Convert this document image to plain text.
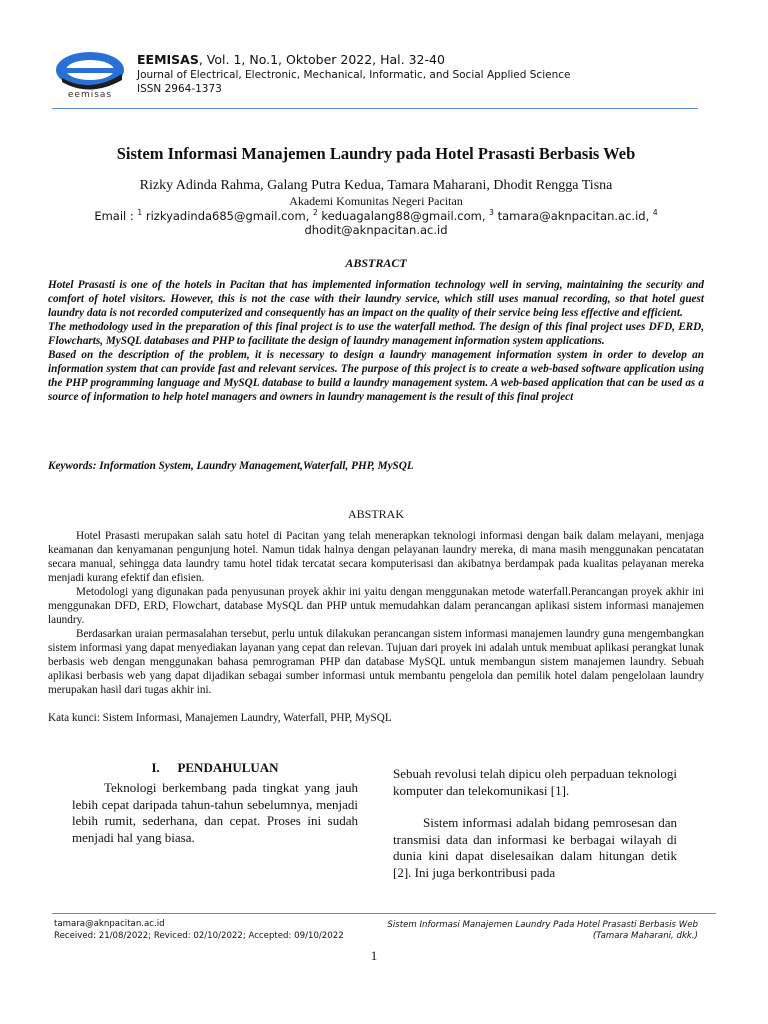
eemisas
EEMISAS, Vol. 1, No.1, Oktober 2022, Hal. 32-40
Journal of Electrical, Electronic, Mechanical, Informatic, and Social Applied Science
ISSN 2964-1373
Sistem Informasi Manajemen Laundry pada Hotel Prasasti Berbasis Web
Rizky Adinda Rahma, Galang Putra Kedua, Tamara Maharani, Dhodit Rengga Tisna
Akademi Komunitas Negeri Pacitan
Email : $^1$ rizkyadinda685@gmail.com, $^2$ keduagalang88@gmail.com, $^3$ tamara@aknpacitan.ac.id, $^4$ dhodit@aknpacitan.ac.id
ABSTRACT

Hotel Prasasti is one of the hotels in Pacitan that has implemented information technology well in serving, maintaining the security and comfort of hotel visitors. However, this is not the case with their laundry service, which still uses manual recording, so that hotel guest laundry data is not recorded computerized and consequently has an impact on the quality of their service being less effective and efficient.

The methodology used in the preparation of this final project is to use the waterfall method. The design of this final project uses DFD, ERD, Flowcharts, MySQL databases and PHP to facilitate the design of laundry management information system applications.

Based on the description of the problem, it is necessary to design a laundry management information system in order to develop an information system that can provide fast and relevant services. The purpose of this project is to create a web-based software application using the PHP programming language and MySQL database to build a laundry management system. A web-based application that can be used as a source of information to help hotel managers and owners in laundry management is the result of this final project

Keywords: Information System, Laundry Management,Waterfall, PHP, MySQL
ABSTRAK

Hotel Prasasti merupakan salah satu hotel di Pacitan yang telah menerapkan teknologi informasi dengan baik dalam melayani, menjaga keamanan dan kenyamanan pengunjung hotel. Namun tidak halnya dengan pelayanan laundry mereka, di mana masih menggunakan pencatatan secara manual, sehingga data laundry tamu hotel tidak tercatat secara komputerisasi dan akibatnya berdampak pada kualitas pelayanan mereka menjadi kurang efektif dan efisien.

Metodologi yang digunakan pada penyusunan proyek akhir ini yaitu dengan menggunakan metode waterfall.Perancangan proyek akhir ini menggunakan DFD, ERD, Flowchart, database MySQL dan PHP untuk memudahkan dalam perancangan aplikasi sistem informasi manajemen laundry.

Berdasarkan uraian permasalahan tersebut, perlu untuk dilakukan perancangan sistem informasi manajemen laundry guna mengembangkan sistem informasi yang dapat menyediakan layanan yang cepat dan relevan. Tujuan dari proyek ini adalah untuk membuat aplikasi perangkat lunak berbasis web dengan menggunakan bahasa pemrograman PHP dan database MySQL untuk membangun sistem manajemen laundry. Sebuah aplikasi berbasis web yang dapat dijadikan sebagai sumber informasi untuk membantu pengelola dan pemilik hotel dalam pengelolaan laundry merupakan hasil dari tugas akhir ini.

Kata kunci: Sistem Informasi, Manajemen Laundry, Waterfall, PHP, MySQL
I. PENDAHULUAN

Teknologi berkembang pada tingkat yang jauh lebih cepat daripada tahun-tahun sebelumnya, menjadi lebih rumit, sederhana, dan cepat. Proses ini sudah menjadi hal yang biasa.

Sebuah revolusi telah dipicu oleh perpaduan teknologi komputer dan telekomunikasi [1].

Sistem informasi adalah bidang pemrosesan dan transmisi data dan informasi ke berbagai wilayah di dunia kini dapat diselesaikan dalam hitungan detik [2]. Ini juga berkontribusi pada

tamara@aknpacitan.ac.id
Received: 21/08/2022; Reviced: 02/10/2022; Accepted: 09/10/2022
Sistem Informasi Manajemen Laundry Pada Hotel Prasasti Berbasis Web
(Tamara Maharani, dkk.)
1
